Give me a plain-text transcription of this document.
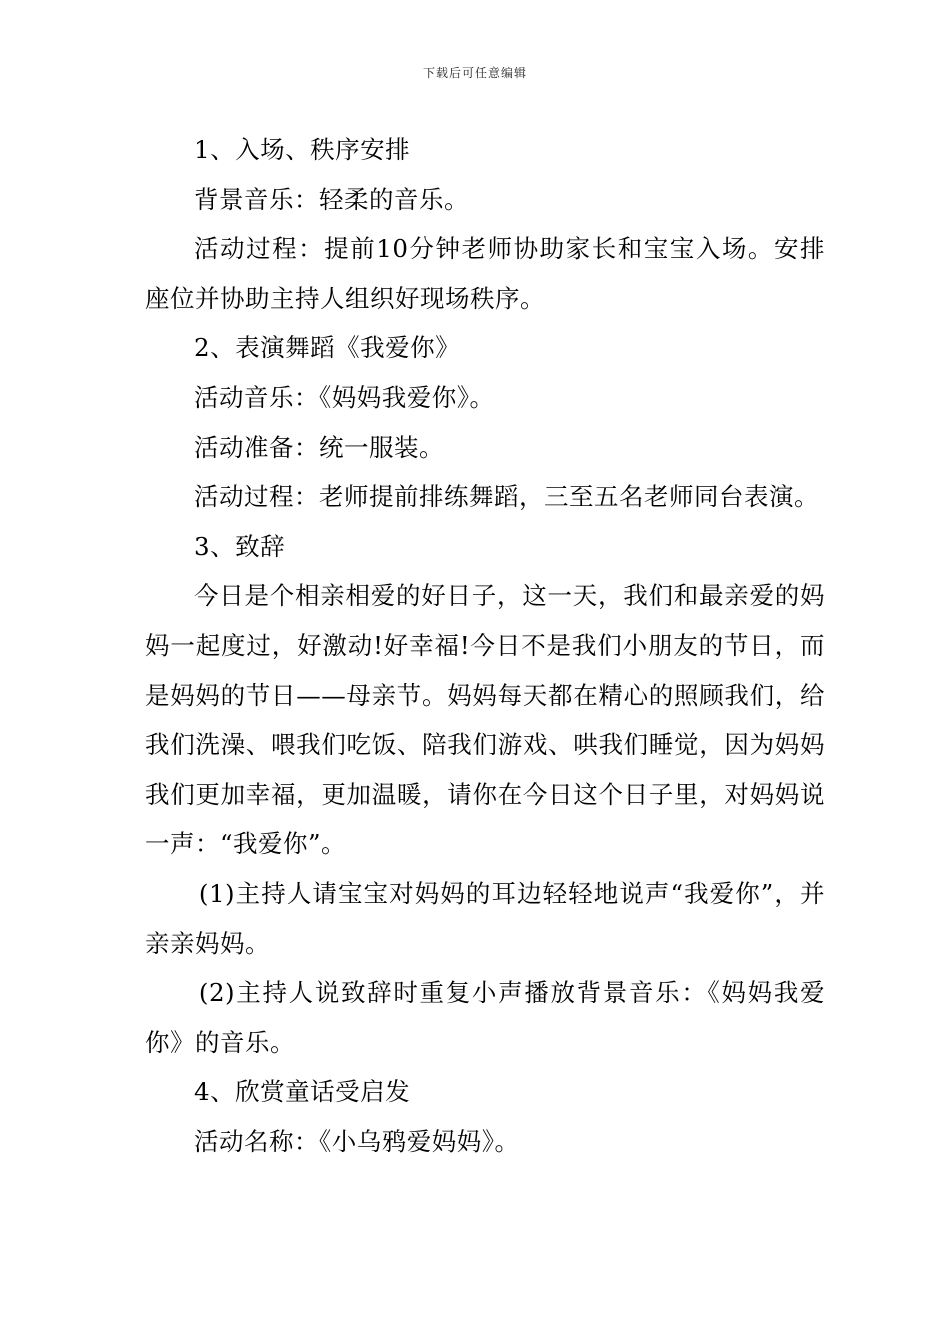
下载后可任意编辑

1、入场、秩序安排

背景音乐：轻柔的音乐。

活动过程：提前10分钟老师协助家长和宝宝入场。安排座位并协助主持人组织好现场秩序。

2、表演舞蹈《我爱你》

活动音乐：《妈妈我爱你》。

活动准备：统一服装。

活动过程：老师提前排练舞蹈，三至五名老师同台表演。

3、致辞

今日是个相亲相爱的好日子，这一天，我们和最亲爱的妈妈一起度过，好激动!好幸福!今日不是我们小朋友的节日，而是妈妈的节日——母亲节。妈妈每天都在精心的照顾我们，给我们洗澡、喂我们吃饭、陪我们游戏、哄我们睡觉，因为妈妈我们更加幸福，更加温暖，请你在今日这个日子里，对妈妈说一声：“我爱你”。

(1)主持人请宝宝对妈妈的耳边轻轻地说声“我爱你”，并亲亲妈妈。

(2)主持人说致辞时重复小声播放背景音乐：《妈妈我爱你》的音乐。

4、欣赏童话受启发

活动名称：《小乌鸦爱妈妈》。
